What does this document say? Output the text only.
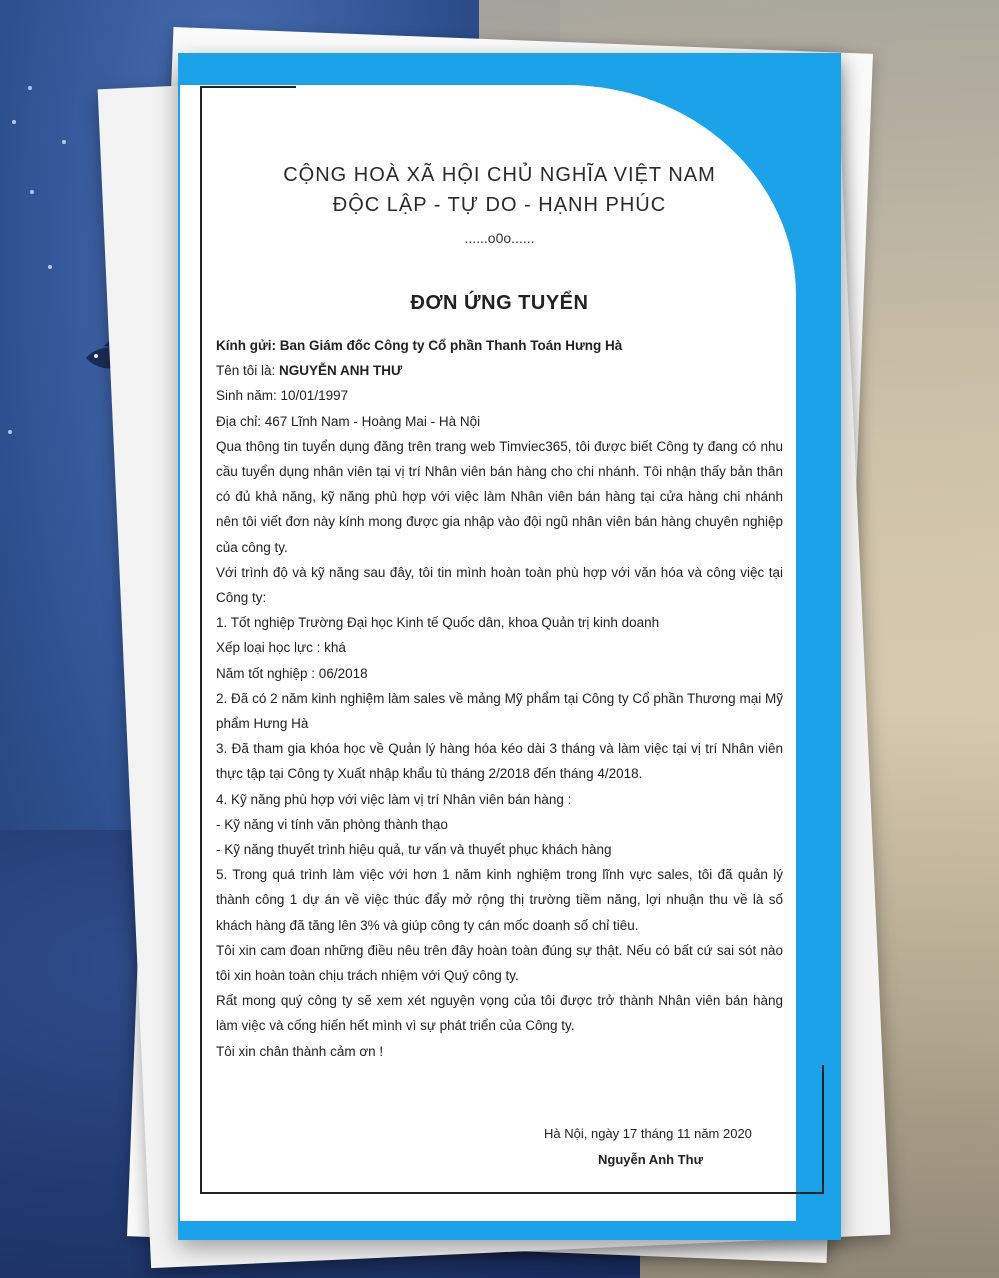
CỘNG HOÀ XÃ HỘI CHỦ NGHĨA VIỆT NAM
ĐỘC LẬP - TỰ DO - HẠNH PHÚC
......o0o......
ĐƠN ỨNG TUYỂN

Kính gửi: Ban Giám đốc Công ty Cổ phần Thanh Toán Hưng Hà

Tên tôi là: NGUYỄN ANH THƯ

Sinh năm: 10/01/1997

Địa chỉ: 467 Lĩnh Nam - Hoàng Mai - Hà Nội

Qua thông tin tuyển dụng đăng trên trang web Timviec365, tôi được biết Công ty đang có nhu cầu tuyển dụng nhân viên tại vị trí Nhân viên bán hàng cho chi nhánh. Tôi nhận thấy bản thân có đủ khả năng, kỹ năng phù hợp với việc làm Nhân viên bán hàng tại cửa hàng chi nhánh nên tôi viết đơn này kính mong được gia nhập vào đội ngũ nhân viên bán hàng chuyên nghiệp của công ty.

Với trình độ và kỹ năng sau đây, tôi tin mình hoàn toàn phù hợp với văn hóa và công việc tại Công ty:

1. Tốt nghiệp Trường Đại học Kinh tế Quốc dân, khoa Quản trị kinh doanh

Xếp loại học lực : khá

Năm tốt nghiệp : 06/2018

2. Đã có 2 năm kinh nghiệm làm sales về mảng Mỹ phẩm tại Công ty Cổ phần Thương mại Mỹ phẩm Hưng Hà

3. Đã tham gia khóa học về Quản lý hàng hóa kéo dài 3 tháng và làm việc tại vị trí Nhân viên thực tập tại Công ty Xuất nhập khẩu tù tháng 2/2018 đến tháng 4/2018.

4. Kỹ năng phù hợp với việc làm vị trí Nhân viên bán hàng :

- Kỹ năng vi tính văn phòng thành thạo

- Kỹ năng thuyết trình hiệu quả, tư vấn và thuyết phục khách hàng

5. Trong quá trình làm việc với hơn 1 năm kinh nghiệm trong lĩnh vực sales, tôi đã quản lý thành công 1 dự án về việc thúc đẩy mở rộng thị trường tiềm năng, lợi nhuận thu về là số khách hàng đã tăng lên 3% và giúp công ty cán mốc doanh số chỉ tiêu.

Tôi xin cam đoan những điều nêu trên đây hoàn toàn đúng sự thật. Nếu có bất cứ sai sót nào tôi xin hoàn toàn chịu trách nhiệm với Quý công ty.

Rất mong quý công ty sẽ xem xét nguyện vọng của tôi được trở thành Nhân viên bán hàng làm việc và cống hiến hết mình vì sự phát triển của Công ty.

Tôi xin chân thành cảm ơn !

Hà Nội, ngày 17 tháng 11 năm 2020
Nguyễn Anh Thư
